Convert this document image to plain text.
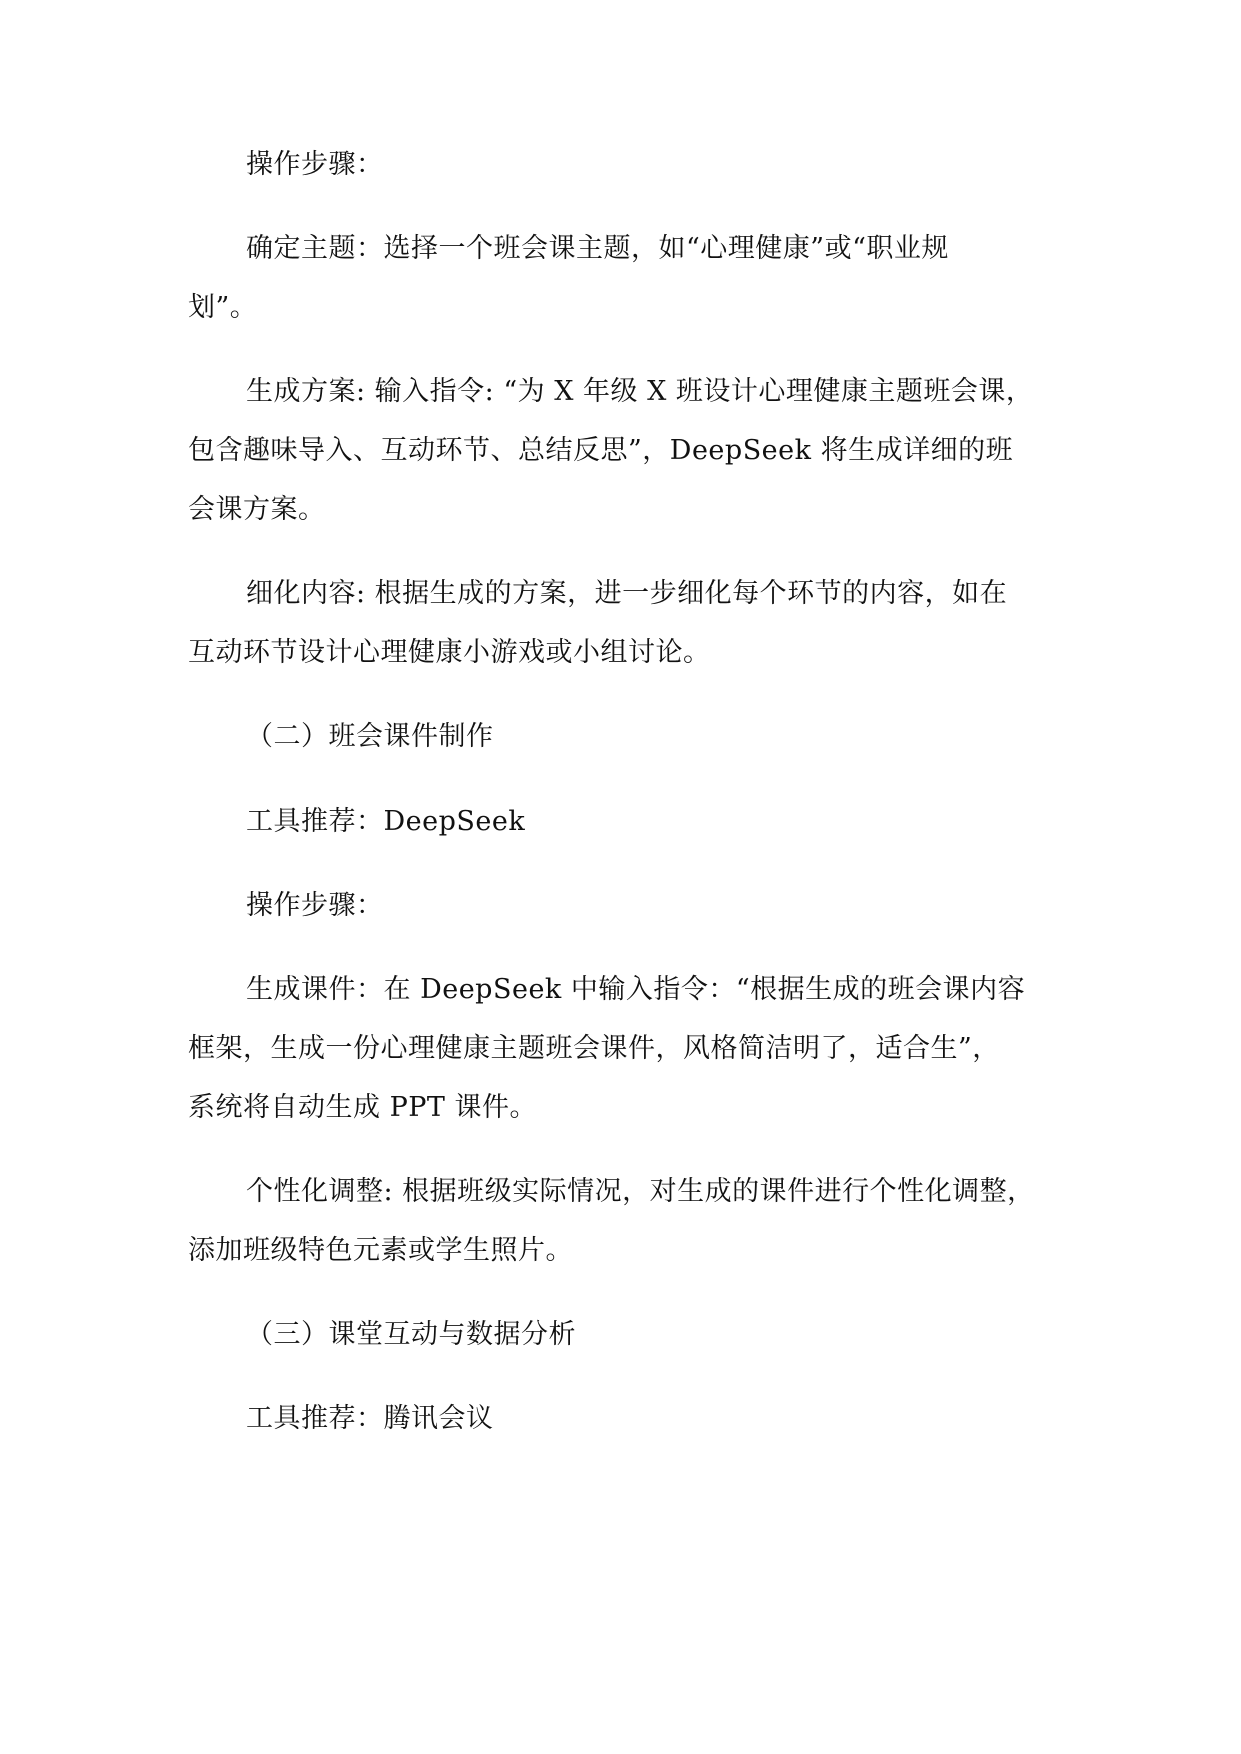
操作步骤：

确定主题：选择一个班会课主题，如“心理健康”或“职业规

划”。

生成方案: 输入指令: “为 X 年级 X 班设计心理健康主题班会课，

包含趣味导入、互动环节、总结反思”，DeepSeek 将生成详细的班

会课方案。

细化内容: 根据生成的方案，进一步细化每个环节的内容，如在

互动环节设计心理健康小游戏或小组讨论。

（二）班会课件制作

工具推荐：DeepSeek

操作步骤：

生成课件：在 DeepSeek 中输入指令：“根据生成的班会课内容

框架，生成一份心理健康主题班会课件，风格简洁明了，适合生”，

系统将自动生成 PPT 课件。

个性化调整: 根据班级实际情况，对生成的课件进行个性化调整，

添加班级特色元素或学生照片。

（三）课堂互动与数据分析

工具推荐：腾讯会议
